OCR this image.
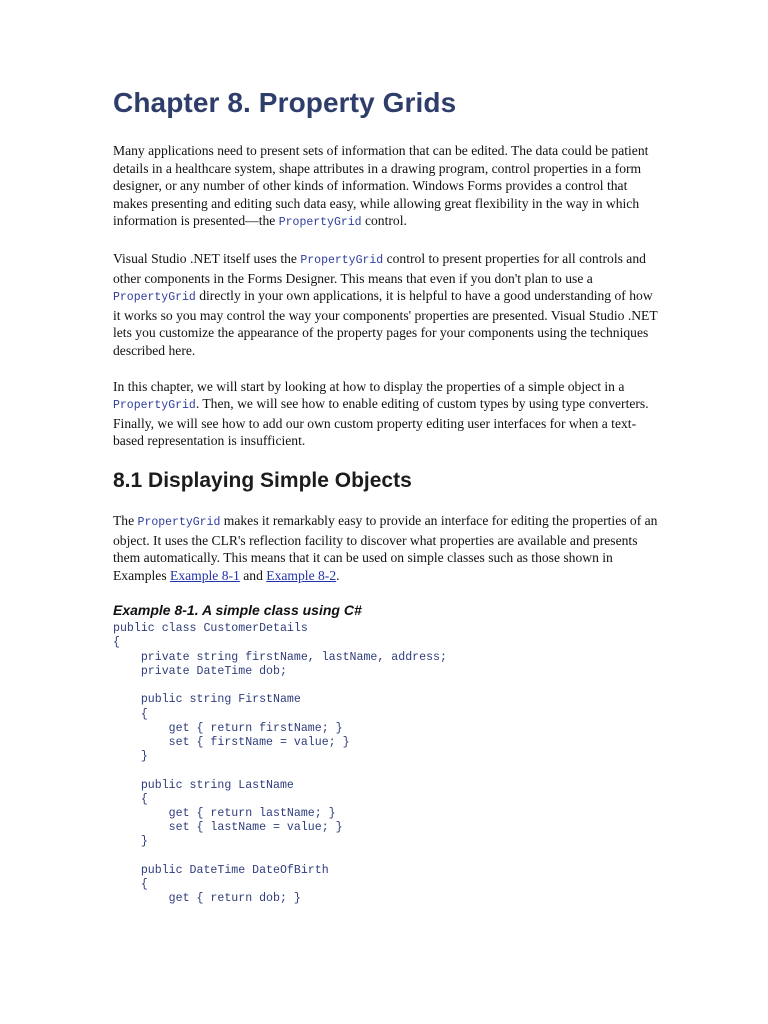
Chapter 8. Property Grids

Many applications need to present sets of information that can be edited. The data could be patient details in a healthcare system, shape attributes in a drawing program, control properties in a form designer, or any number of other kinds of information. Windows Forms provides a control that makes presenting and editing such data easy, while allowing great flexibility in the way in which information is presented—the PropertyGrid control.

Visual Studio .NET itself uses the PropertyGrid control to present properties for all controls and other components in the Forms Designer. This means that even if you don't plan to use a PropertyGrid directly in your own applications, it is helpful to have a good understanding of how it works so you may control the way your components' properties are presented. Visual Studio .NET lets you customize the appearance of the property pages for your components using the techniques described here.

In this chapter, we will start by looking at how to display the properties of a simple object in a PropertyGrid. Then, we will see how to enable editing of custom types by using type converters. Finally, we will see how to add our own custom property editing user interfaces for when a text-based representation is insufficient.

8.1 Displaying Simple Objects

The PropertyGrid makes it remarkably easy to provide an interface for editing the properties of an object. It uses the CLR's reflection facility to discover what properties are available and presents them automatically. This means that it can be used on simple classes such as those shown in Examples Example 8-1 and Example 8-2.

Example 8-1. A simple class using C#
public class CustomerDetails
{
private string firstName, lastName, address;
private DateTime dob;

public string FirstName
{
get { return firstName; }
set { firstName = value; }
}

public string LastName
{
get { return lastName; }
set { lastName = value; }
}

public DateTime DateOfBirth
{
get { return dob; }
